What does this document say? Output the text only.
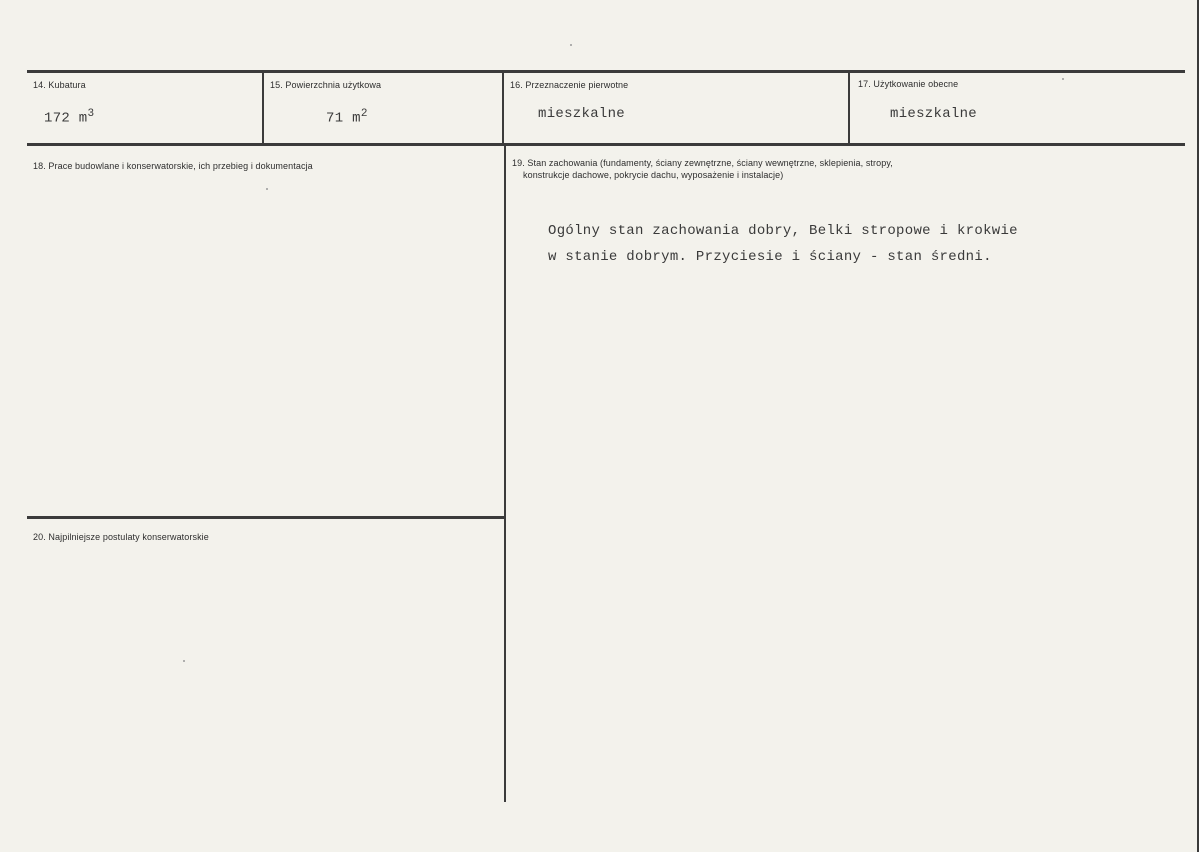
14. Kubatura
172 $m^3$
15. Powierzchnia użytkowa
71 $m^2$
16. Przeznaczenie pierwotne
mieszkalne
17. Użytkowanie obecne
mieszkalne
18. Prace budowlane i konserwatorskie, ich przebieg i dokumentacja	19. Stan zachowania (fundamenty, ściany zewnętrzne, ściany wewnętrzne, sklepienia, stropy,
konstrukcje dachowe, pokrycie dachu, wyposażenie i instalacje)
Ogólny stan zachowania dobry, Belki stropowe i krokwie
w stanie dobrym. Przyciesie i ściany - stan średni.
20. Najpilniejsze postulaty konserwatorskie
